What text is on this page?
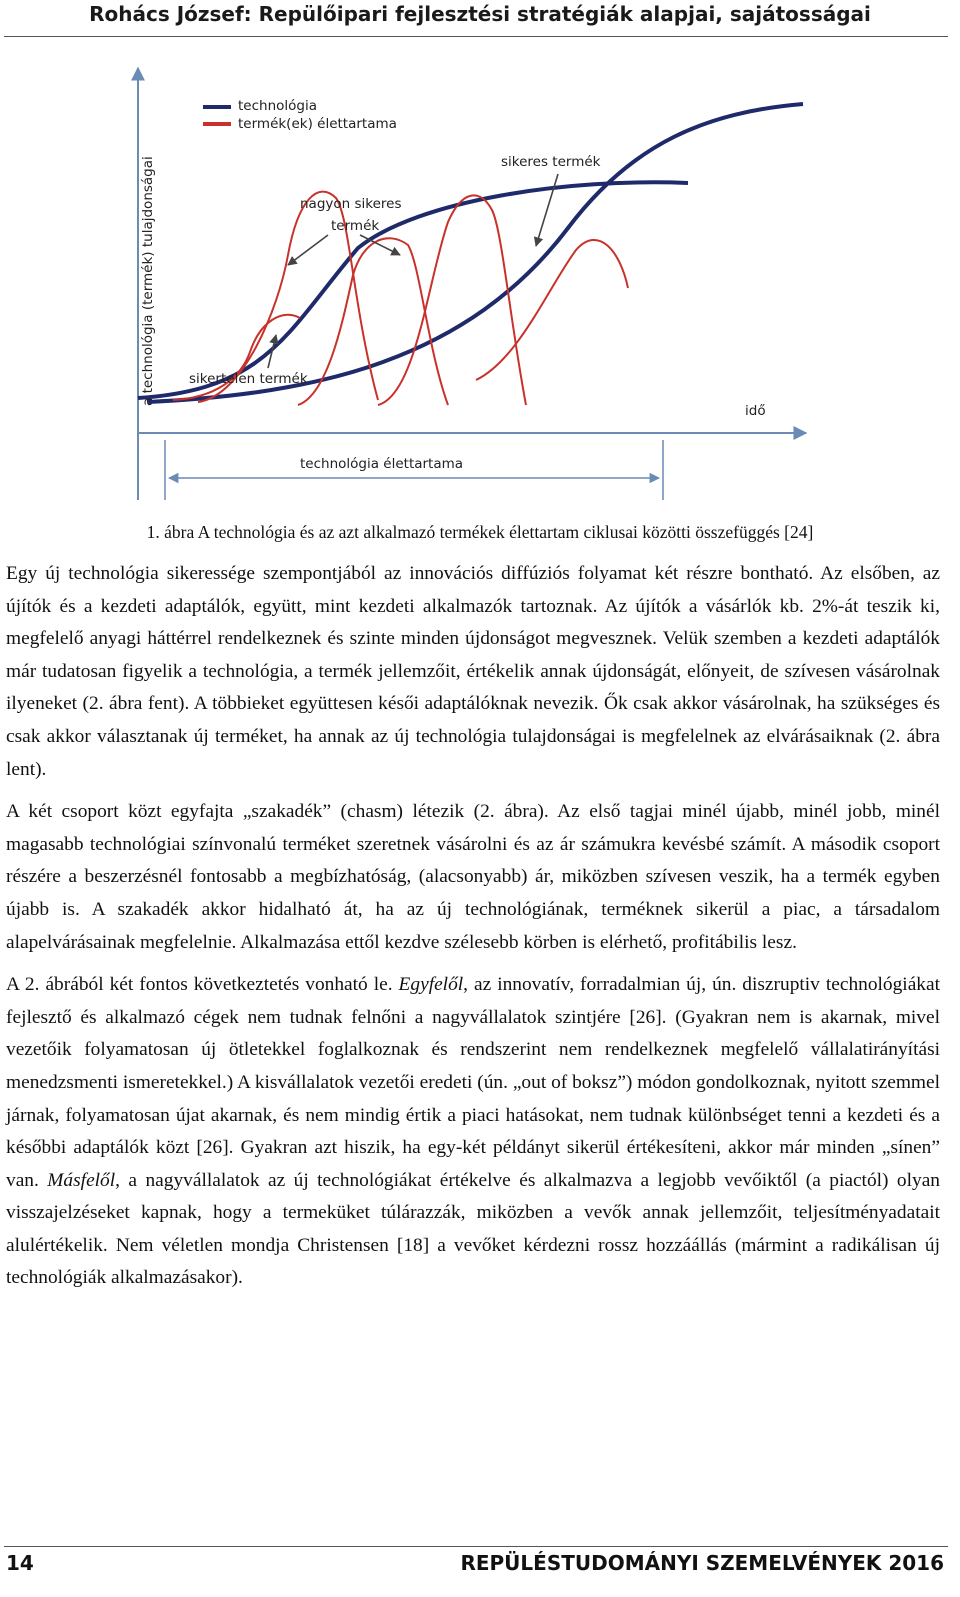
Rohács József: Repülőipari fejlesztési stratégiák alapjai, sajátosságai
a technológia (termék) tulajdonságai
technológia
termék(ek) élettartama
nagyon sikeres
termék
sikeres termék
sikertelen termék
idő
technológia élettartama
1. ábra A technológia és az azt alkalmazó termékek élettartam ciklusai közötti összefüggés [24]

Egy új technológia sikeressége szempontjából az innovációs diffúziós folyamat két részre bontható. Az elsőben, az újítók és a kezdeti adaptálók, együtt, mint kezdeti alkalmazók tartoznak. Az újítók a vásárlók kb. 2%-át teszik ki, megfelelő anyagi háttérrel rendelkeznek és szinte minden újdonságot megvesznek. Velük szemben a kezdeti adaptálók már tudatosan figyelik a technológia, a termék jellemzőit, értékelik annak újdonságát, előnyeit, de szívesen vásárolnak ilyeneket (2. ábra fent). A többieket együttesen késői adaptálóknak nevezik. Ők csak akkor vásárolnak, ha szükséges és csak akkor választanak új terméket, ha annak az új technológia tulajdonságai is megfelelnek az elvárásaiknak (2. ábra lent).

A két csoport közt egyfajta „szakadék” (chasm) létezik (2. ábra). Az első tagjai minél újabb, minél jobb, minél magasabb technológiai színvonalú terméket szeretnek vásárolni és az ár számukra kevésbé számít. A második csoport részére a beszerzésnél fontosabb a megbízhatóság, (alacsonyabb) ár, miközben szívesen veszik, ha a termék egyben újabb is. A szakadék akkor hidalható át, ha az új technológiának, terméknek sikerül a piac, a társadalom alapelvárásainak megfelelnie. Alkalmazása ettől kezdve szélesebb körben is elérhető, profitábilis lesz.

A 2. ábrából két fontos következtetés vonható le. Egyfelől, az innovatív, forradalmian új, ún. diszruptiv technológiákat fejlesztő és alkalmazó cégek nem tudnak felnőni a nagyvállalatok szintjére [26]. (Gyakran nem is akarnak, mivel vezetőik folyamatosan új ötletekkel foglalkoznak és rendszerint nem rendelkeznek megfelelő vállalatirányítási menedzsmenti ismeretekkel.) A kisvállalatok vezetői eredeti (ún. „out of boksz”) módon gondolkoznak, nyitott szemmel járnak, folyamatosan újat akarnak, és nem mindig értik a piaci hatásokat, nem tudnak különbséget tenni a kezdeti és a későbbi adaptálók közt [26]. Gyakran azt hiszik, ha egy-két példányt sikerül értékesíteni, akkor már minden „sínen” van. Másfelől, a nagyvállalatok az új technológiákat értékelve és alkalmazva a legjobb vevőiktől (a piactól) olyan visszajelzéseket kapnak, hogy a termeküket túlárazzák, miközben a vevők annak jellemzőit, teljesítményadatait alulértékelik. Nem véletlen mondja Christensen [18] a vevőket kérdezni rossz hozzáállás (mármint a radikálisan új technológiák alkalmazásakor).

14	REPÜLÉSTUDOMÁNYI SZEMELVÉNYEK 2016
